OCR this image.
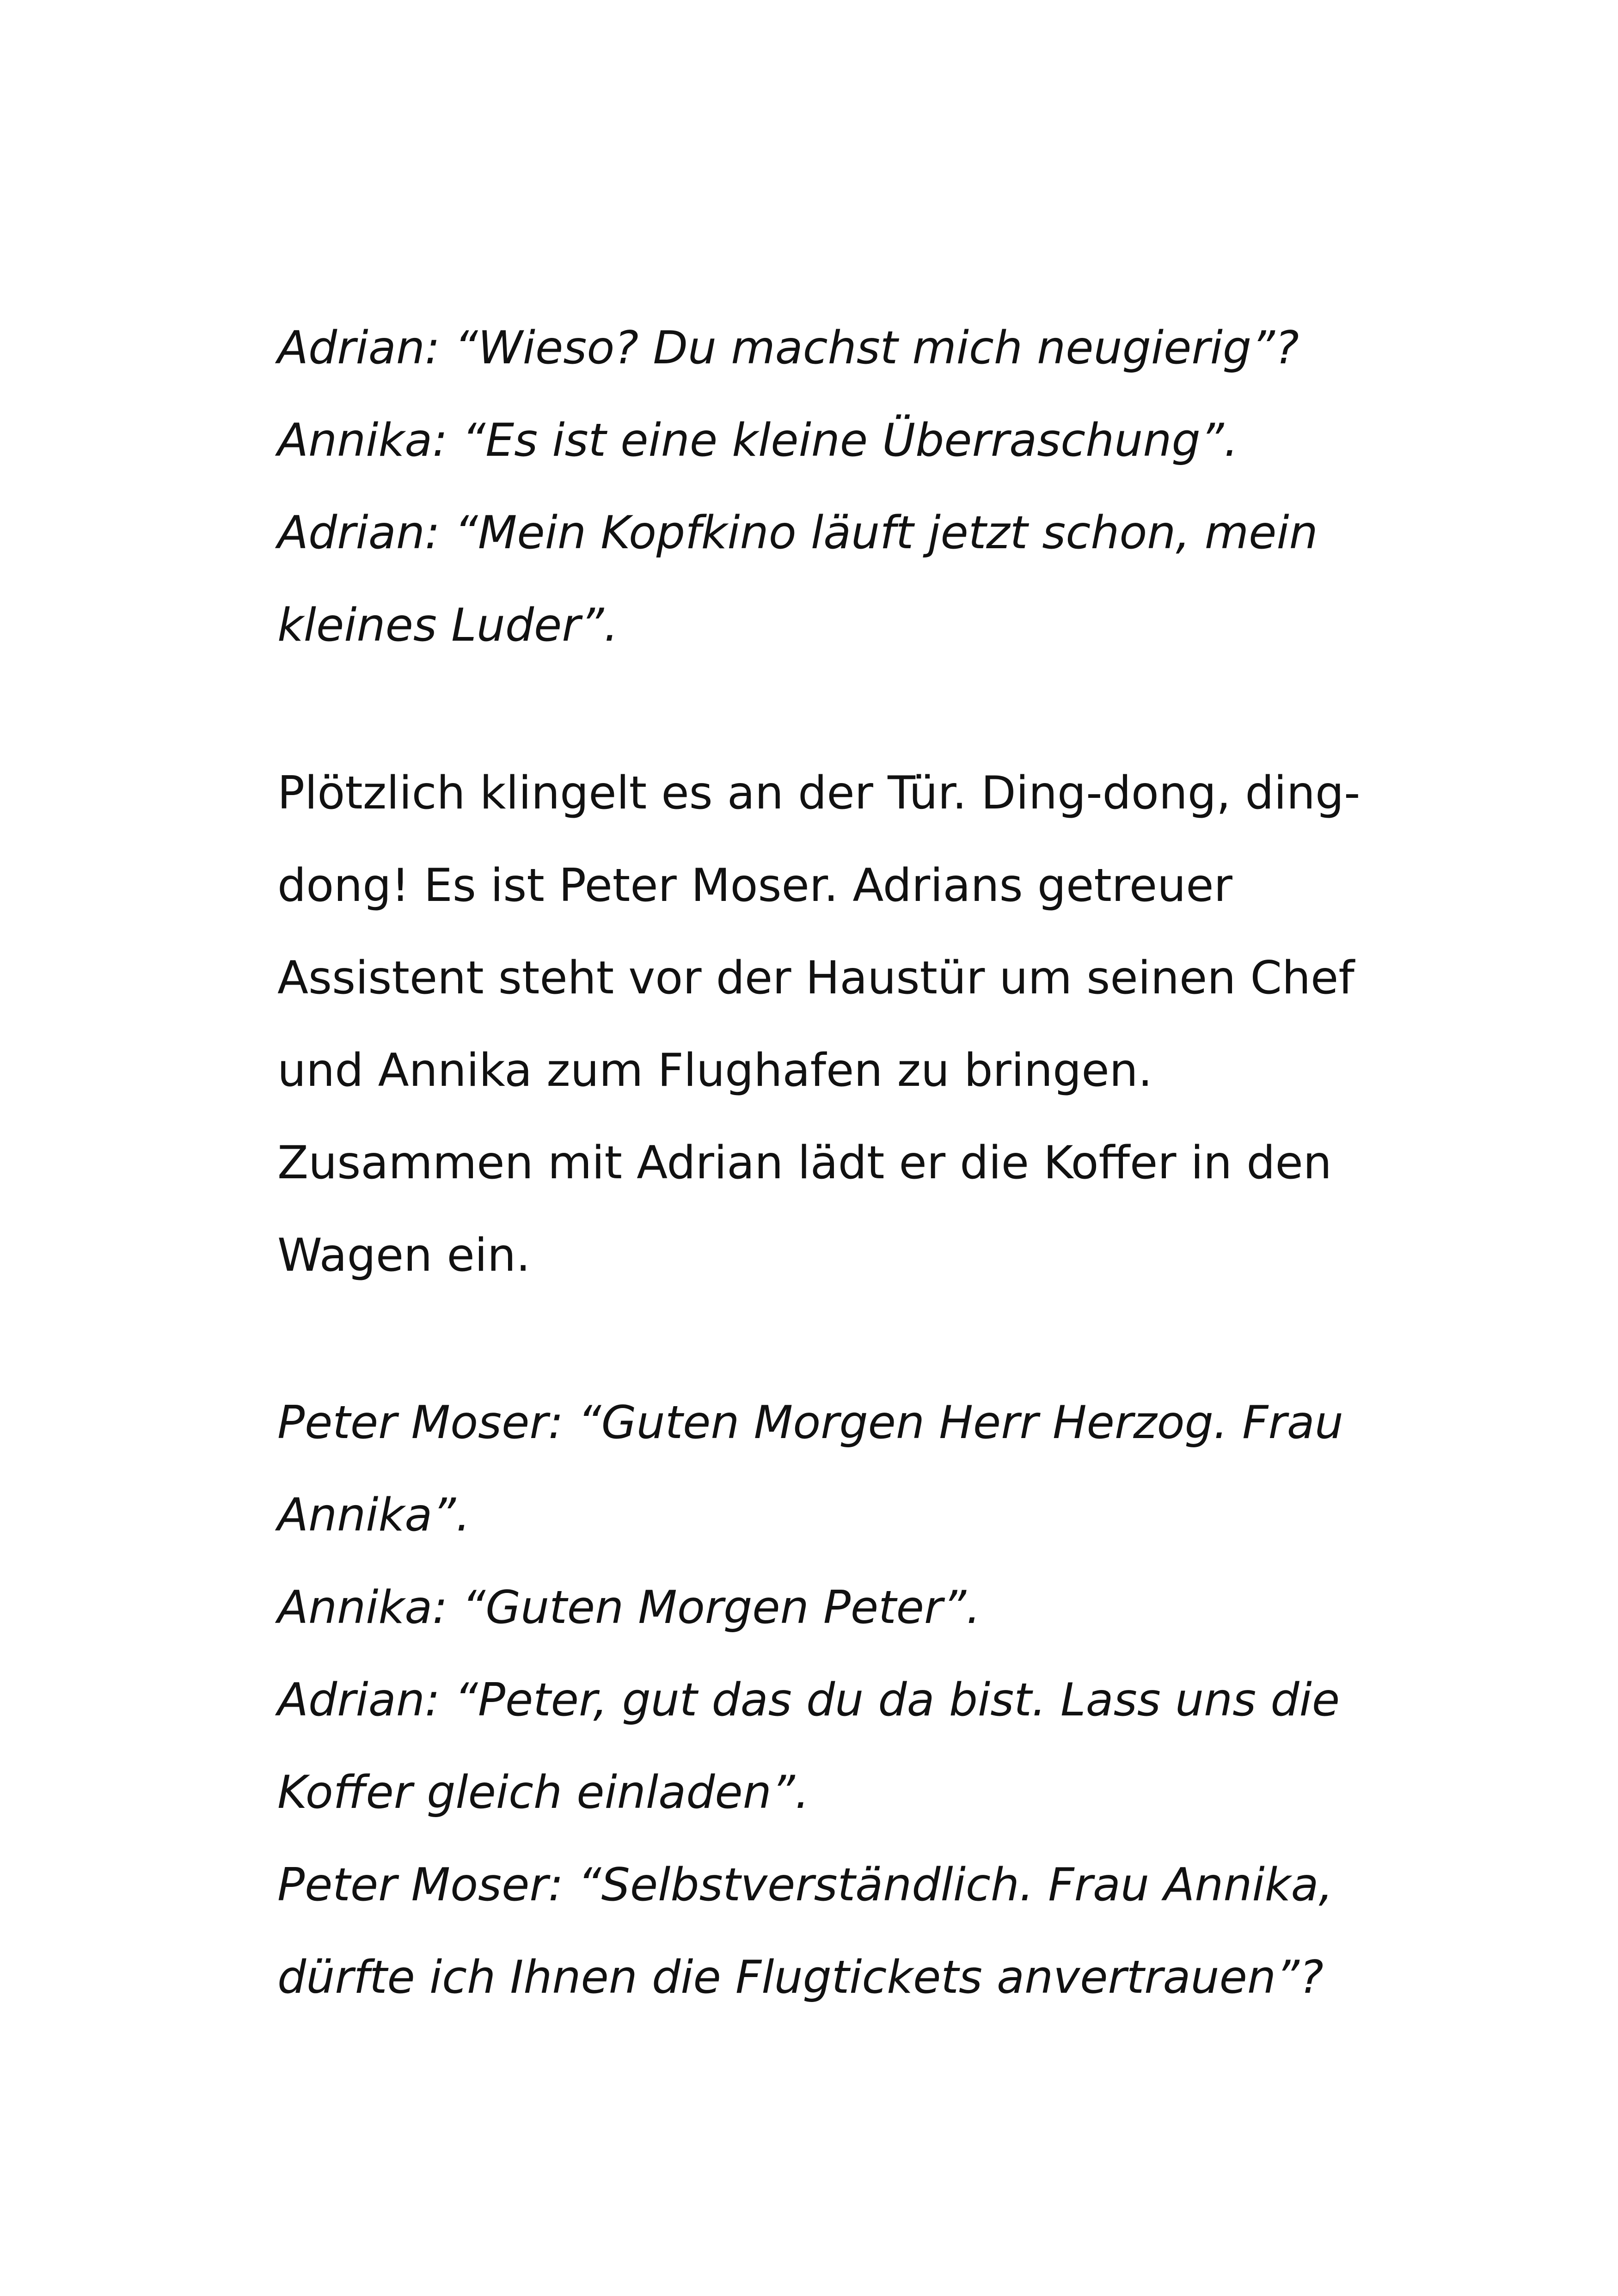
Adrian: “Wieso? Du machst mich neugierig”?
Annika: “Es ist eine kleine Überraschung”.
Adrian: “Mein Kopfkino läuft jetzt schon, mein
kleines Luder”.
Plötzlich klingelt es an der Tür. Ding-dong, ding-
dong! Es ist Peter Moser. Adrians getreuer
Assistent steht vor der Haustür um seinen Chef
und Annika zum Flughafen zu bringen.
Zusammen mit Adrian lädt er die Koffer in den
Wagen ein.
Peter Moser: “Guten Morgen Herr Herzog. Frau
Annika”.
Annika: “Guten Morgen Peter”.
Adrian: “Peter, gut das du da bist. Lass uns die
Koffer gleich einladen”.
Peter Moser: “Selbstverständlich. Frau Annika,
dürfte ich Ihnen die Flugtickets anvertrauen”?
